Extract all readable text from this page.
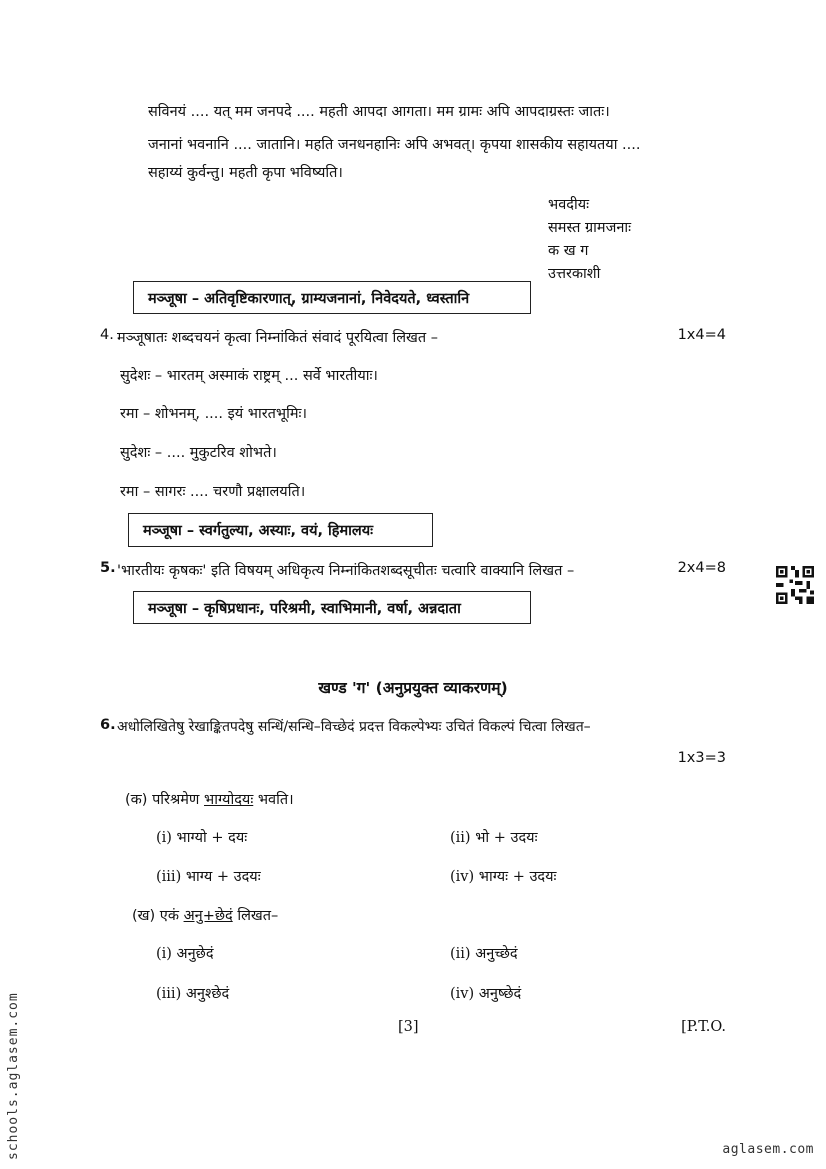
सविनयं .... यत् मम जनपदे .... महती आपदा आगता। मम ग्रामः अपि आपदाग्रस्तः जातः।
जनानां भवनानि .... जातानि। महति जनधनहानिः अपि अभवत्। कृपया शासकीय सहायतया ....
सहाय्यं कुर्वन्तु। महती कृपा भविष्यति।
भवदीयः
समस्त ग्रामजनाः
क ख ग
उत्तरकाशी
मञ्जूषा – अतिवृष्टिकारणात्, ग्राम्यजनानां, निवेदयते, ध्वस्तानि
4. मञ्जूषातः शब्दचयनं कृत्वा निम्नांकितं संवादं पूरयित्वा लिखत –	1x4=4
सुदेशः – भारतम् अस्माकं राष्ट्रम् ... सर्वे भारतीयाः।
रमा – शोभनम्, .... इयं भारतभूमिः।
सुदेशः – .... मुकुटरिव शोभते।
रमा – सागरः .... चरणौ प्रक्षालयति।
मञ्जूषा – स्वर्गतुल्या, अस्याः, वयं, हिमालयः
5. 'भारतीयः कृषकः' इति विषयम् अधिकृत्य निम्नांकितशब्दसूचीतः चत्वारि वाक्यानि लिखत –	2x4=8
मञ्जूषा – कृषिप्रधानः, परिश्रमी, स्वाभिमानी, वर्षा, अन्नदाता
खण्ड 'ग' (अनुप्रयुक्त व्याकरणम्)
6. अधोलिखितेषु रेखाङ्कितपदेषु सन्धिं/सन्धि–विच्छेदं प्रदत्त विकल्पेभ्यः उचितं विकल्पं चित्वा लिखत–
1x3=3
(क) परिश्रमेण भाग्योदयः भवति।
(i) भाग्यो + दयः	(ii) भो + उदयः
(iii) भाग्य + उदयः	(iv) भाग्यः + उदयः
(ख) एकं अनु+छेदं लिखत–
(i) अनुछेदं	(ii) अनुच्छेदं
(iii) अनुश्छेदं	(iv) अनुष्छेदं
[3]	[P.T.O.
schools.aglasem.com	aglasem.com
